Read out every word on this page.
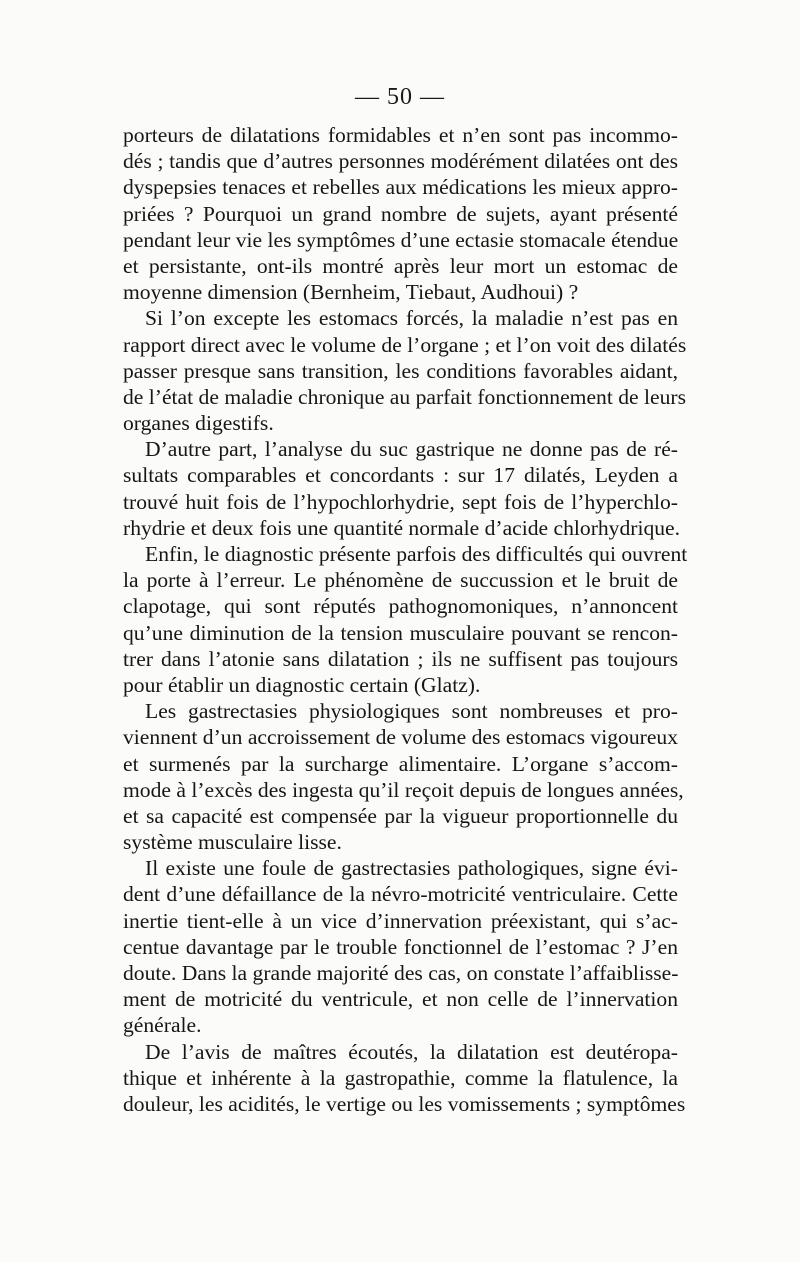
— 50 —
porteurs de dilatations formidables et n’en sont pas incommo-
dés ; tandis que d’autres personnes modérément dilatées ont des
dyspepsies tenaces et rebelles aux médications les mieux appro-
priées ? Pourquoi un grand nombre de sujets, ayant présenté
pendant leur vie les symptômes d’une ectasie stomacale étendue
et persistante, ont-ils montré après leur mort un estomac de
moyenne dimension (Bernheim, Tiebaut, Audhoui) ?
Si l’on excepte les estomacs forcés, la maladie n’est pas en
rapport direct avec le volume de l’organe ; et l’on voit des dilatés
passer presque sans transition, les conditions favorables aidant,
de l’état de maladie chronique au parfait fonctionnement de leurs
organes digestifs.
D’autre part, l’analyse du suc gastrique ne donne pas de ré-
sultats comparables et concordants : sur 17 dilatés, Leyden a
trouvé huit fois de l’hypochlorhydrie, sept fois de l’hyperchlo-
rhydrie et deux fois une quantité normale d’acide chlorhydrique.
Enfin, le diagnostic présente parfois des difficultés qui ouvrent
la porte à l’erreur. Le phénomène de succussion et le bruit de
clapotage, qui sont réputés pathognomoniques, n’annoncent
qu’une diminution de la tension musculaire pouvant se rencon-
trer dans l’atonie sans dilatation ; ils ne suffisent pas toujours
pour établir un diagnostic certain (Glatz).
Les gastrectasies physiologiques sont nombreuses et pro-
viennent d’un accroissement de volume des estomacs vigoureux
et surmenés par la surcharge alimentaire. L’organe s’accom-
mode à l’excès des ingesta qu’il reçoit depuis de longues années,
et sa capacité est compensée par la vigueur proportionnelle du
système musculaire lisse.
Il existe une foule de gastrectasies pathologiques, signe évi-
dent d’une défaillance de la névro-motricité ventriculaire. Cette
inertie tient-elle à un vice d’innervation préexistant, qui s’ac-
centue davantage par le trouble fonctionnel de l’estomac ? J’en
doute. Dans la grande majorité des cas, on constate l’affaiblisse-
ment de motricité du ventricule, et non celle de l’innervation
générale.
De l’avis de maîtres écoutés, la dilatation est deutéropa-
thique et inhérente à la gastropathie, comme la flatulence, la
douleur, les acidités, le vertige ou les vomissements ; symptômes
